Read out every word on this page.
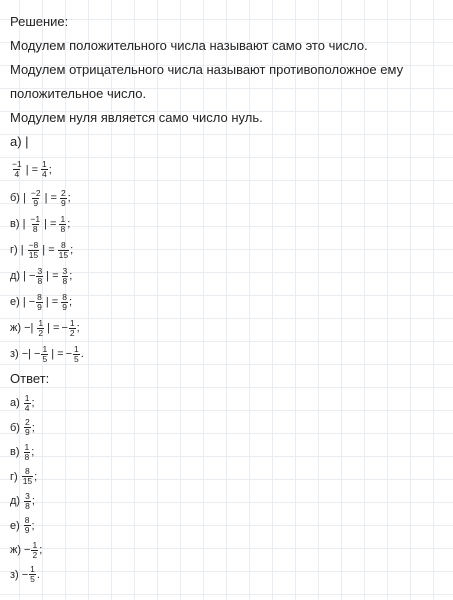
Решение:
Модулем положительного числа называют само это число.
Модулем отрицательного числа называют противоположное ему
положительное число.
Модулем нуля является само число нуль.
а) |
$\frac{-1}{4}$ | = $\frac{1}{4}$ ;
б) | $\frac{-2}{9}$ | = $\frac{2}{9}$ ;
в) | $\frac{-1}{8}$ | = $\frac{1}{8}$ ;
г) | $\frac{-8}{15}$ | = $\frac{8}{15}$ ;
д) | − $\frac{3}{8}$ | = $\frac{3}{8}$ ;
е) | − $\frac{8}{9}$ | = $\frac{8}{9}$ ;
ж) −| $\frac{1}{2}$ | = − $\frac{1}{2}$ ;
з) −| − $\frac{1}{5}$ | = − $\frac{1}{5}$ .
Ответ:
$а) \frac{1}{4}$ ;
$б) \frac{2}{9}$ ;
$в) \frac{1}{8}$ ;
$г) \frac{8}{15}$ ;
$д) \frac{3}{8}$ ;
$е) \frac{8}{9}$ ;
$ж) - \frac{1}{2}$ ;
$з) - \frac{1}{5}$ .
